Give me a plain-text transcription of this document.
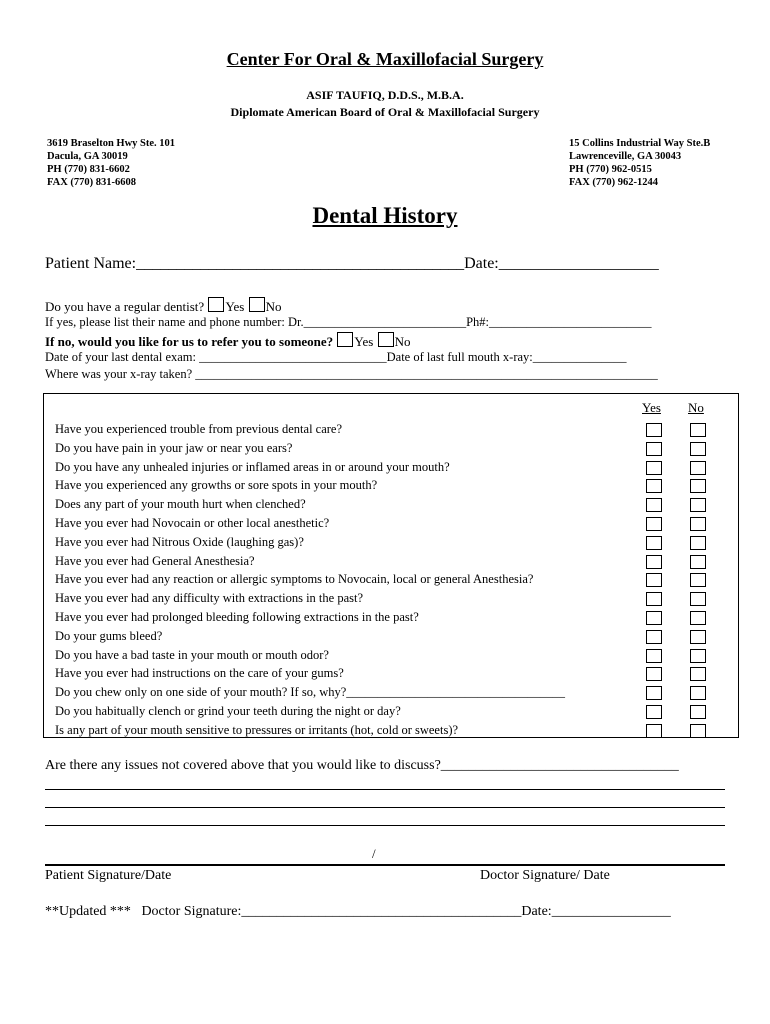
Center For Oral & Maxillofacial Surgery
ASIF TAUFIQ, D.D.S., M.B.A.
Diplomate American Board of Oral & Maxillofacial Surgery
3619 Braselton Hwy Ste. 101
Dacula, GA 30019
PH (770) 831-6602
FAX (770) 831-6608
15 Collins Industrial Way Ste.B
Lawrenceville, GA 30043
PH (770) 962-0515
FAX (770) 962-1244
Dental History
Patient Name:_________________________________________Date:____________________
Do you have a regular dentist? Yes No
If yes, please list their name and phone number: Dr.__________________________Ph#:__________________________
If no, would you like for us to refer you to someone? Yes No
Date of your last dental exam: ______________________________Date of last full mouth x-ray:_______________
Where was your x-ray taken? __________________________________________________________________________
Yes No
Have you experienced trouble from previous dental care?
Do you have pain in your jaw or near you ears?
Do you have any unhealed injuries or inflamed areas in or around your mouth?
Have you experienced any growths or sore spots in your mouth?
Does any part of your mouth hurt when clenched?
Have you ever had Novocain or other local anesthetic?
Have you ever had Nitrous Oxide (laughing gas)?
Have you ever had General Anesthesia?
Have you ever had any reaction or allergic symptoms to Novocain, local or general Anesthesia?
Have you ever had any difficulty with extractions in the past?
Have you ever had prolonged bleeding following extractions in the past?
Do your gums bleed?
Do you have a bad taste in your mouth or mouth odor?
Have you ever had instructions on the care of your gums?
Do you chew only on one side of your mouth? If so, why?___________________________________
Do you habitually clench or grind your teeth during the night or day?
Is any part of your mouth sensitive to pressures or irritants (hot, cold or sweets)?
Are there any issues not covered above that you would like to discuss?__________________________________
/
Patient Signature/Date	Doctor Signature/ Date
**Updated *** Doctor Signature:________________________________________Date:_________________
